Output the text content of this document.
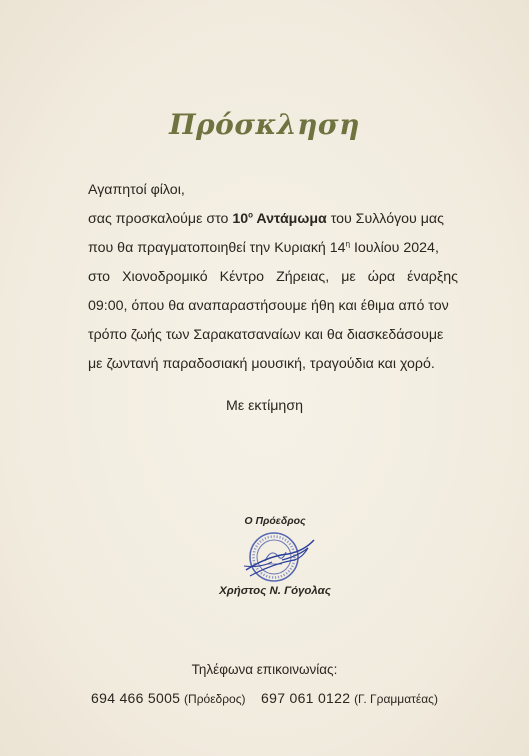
Πρόσκληση
Αγαπητοί φίλοι,
σας προσκαλούμε στο $10^o$ Αντάμωμα του Συλλόγου μας
που θα πραγματοποιηθεί την Κυριακή $14^\eta$ Ιουλίου 2024,
στο Χιονοδρομικό Κέντρο Ζήρειας, με ώρα έναρξης
09:00, όπου θα αναπαραστήσουμε ήθη και έθιμα από τον
τρόπο ζωής των Σαρακατσαναίων και θα διασκεδάσουμε
με ζωντανή παραδοσιακή μουσική, τραγούδια και χορό.
Με εκτίμηση
Ο Πρόεδρος
Χρήστος Ν. Γόγολας
Τηλέφωνα επικοινωνίας:
694 466 5005 (Πρόεδρος) 697 061 0122 (Γ. Γραμματέας)
